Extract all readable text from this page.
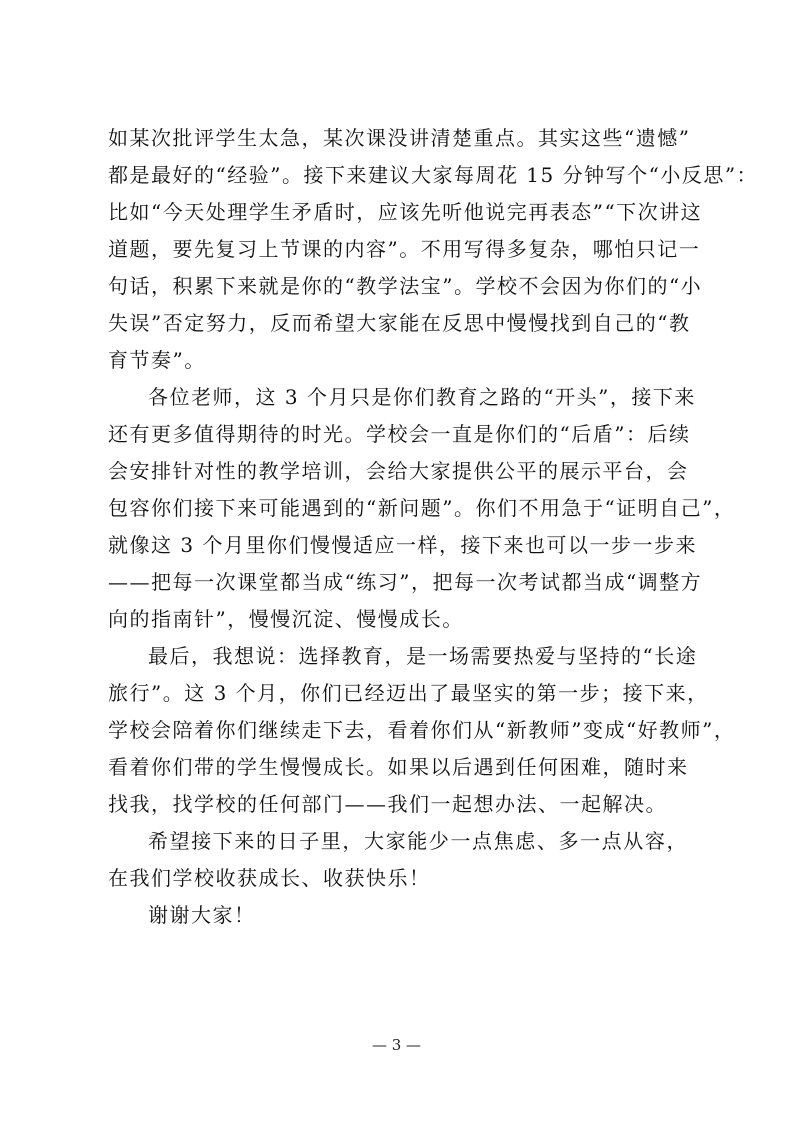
如某次批评学生太急，某次课没讲清楚重点。其实这些“遗憾”
都是最好的“经验”。接下来建议大家每周花 15 分钟写个“小反思”：
比如“今天处理学生矛盾时，应该先听他说完再表态”“下次讲这
道题，要先复习上节课的内容”。不用写得多复杂，哪怕只记一
句话，积累下来就是你的“教学法宝”。学校不会因为你们的“小
失误”否定努力，反而希望大家能在反思中慢慢找到自己的“教
育节奏”。
各位老师，这 3 个月只是你们教育之路的“开头”，接下来
还有更多值得期待的时光。学校会一直是你们的“后盾”：后续
会安排针对性的教学培训，会给大家提供公平的展示平台，会
包容你们接下来可能遇到的“新问题”。你们不用急于“证明自己”，
就像这 3 个月里你们慢慢适应一样，接下来也可以一步一步来
——把每一次课堂都当成“练习”，把每一次考试都当成“调整方
向的指南针”，慢慢沉淀、慢慢成长。
最后，我想说：选择教育，是一场需要热爱与坚持的“长途
旅行”。这 3 个月，你们已经迈出了最坚实的第一步；接下来，
学校会陪着你们继续走下去，看着你们从“新教师”变成“好教师”，
看着你们带的学生慢慢成长。如果以后遇到任何困难，随时来
找我，找学校的任何部门——我们一起想办法、一起解决。
希望接下来的日子里，大家能少一点焦虑、多一点从容，
在我们学校收获成长、收获快乐！
谢谢大家！
— 3 —
